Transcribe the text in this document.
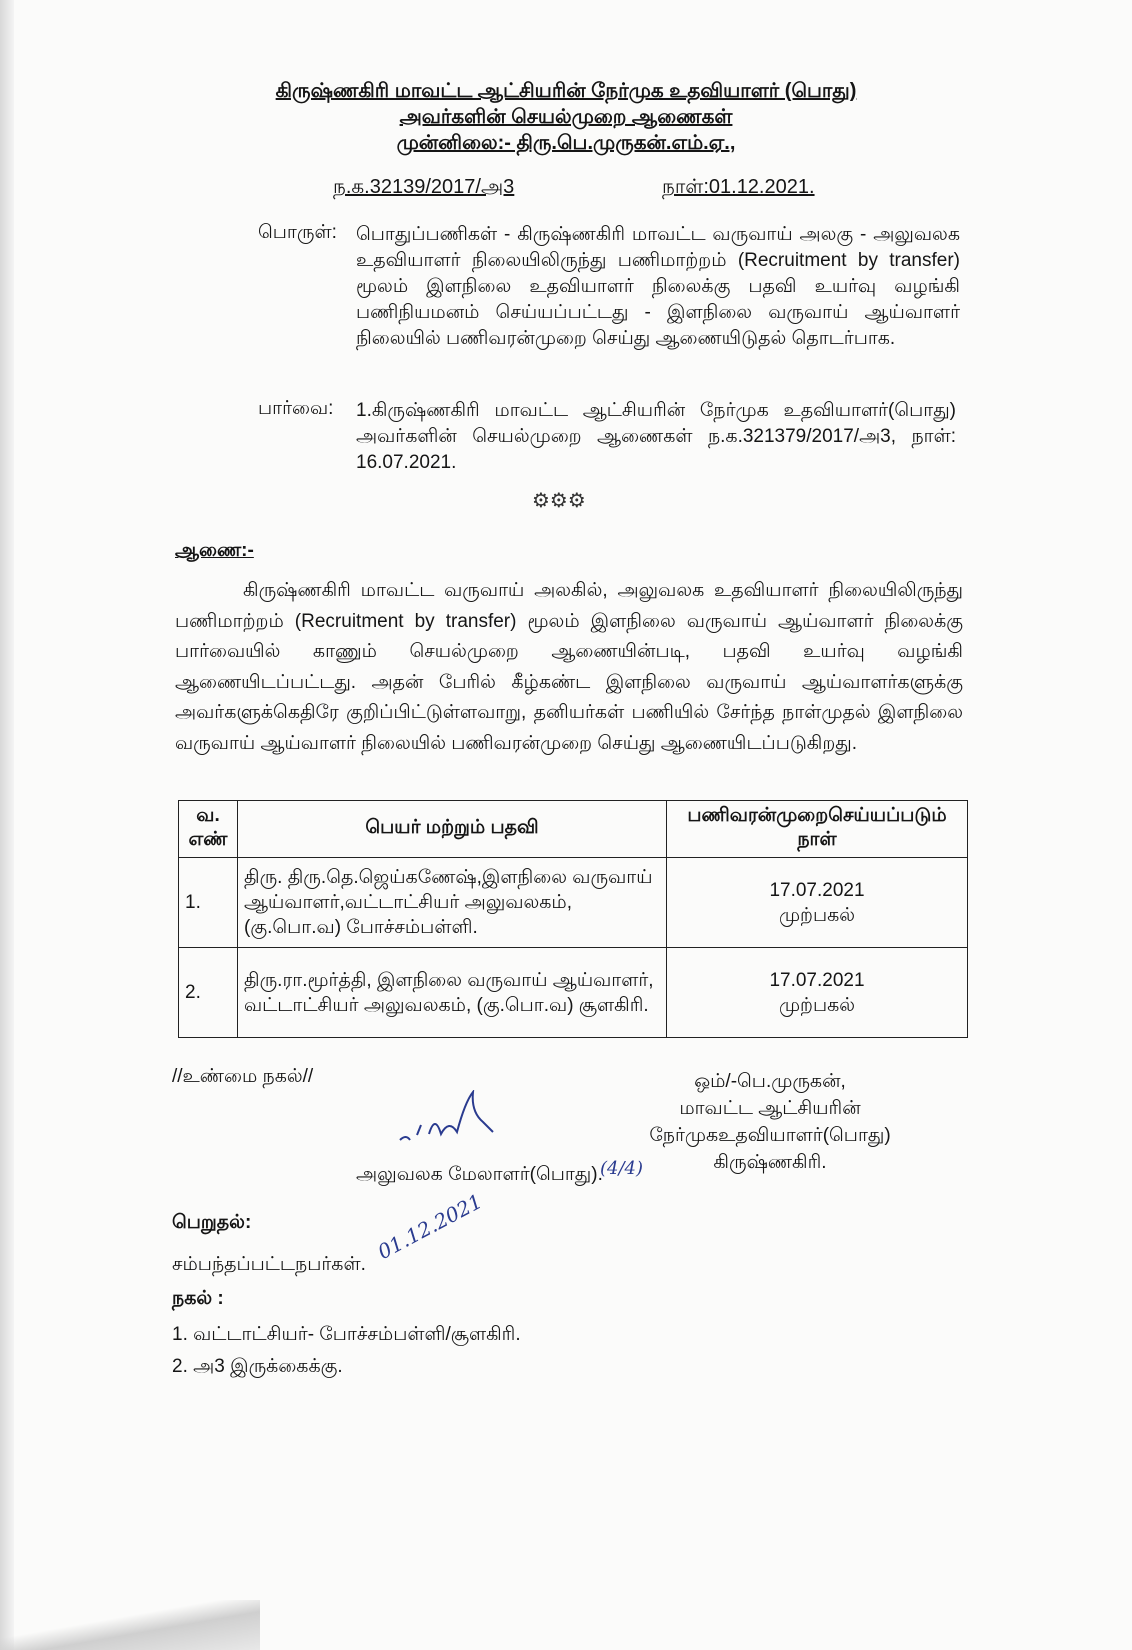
கிருஷ்ணகிரி மாவட்ட ஆட்சியரின் நேர்முக உதவியாளர் (பொது)
அவர்களின் செயல்முறை ஆணைகள்
முன்னிலை:- திரு.பெ.முருகன்.எம்.ஏ.,
ந.க.32139/2017/அ3	நாள்:01.12.2021.
பொருள்: பொதுப்பணிகள் - கிருஷ்ணகிரி மாவட்ட வருவாய் அலகு - அலுவலக உதவியாளர் நிலையிலிருந்து பணிமாற்றம் (Recruitment by transfer) மூலம் இளநிலை உதவியாளர் நிலைக்கு பதவி உயர்வு வழங்கி பணிநியமனம் செய்யப்பட்டது - இளநிலை வருவாய் ஆய்வாளர் நிலையில் பணிவரன்முறை செய்து ஆணையிடுதல் தொடர்பாக.
பார்வை: 1.கிருஷ்ணகிரி மாவட்ட ஆட்சியரின் நேர்முக உதவியாளர்(பொது) அவர்களின் செயல்முறை ஆணைகள் ந.க.321379/2017/அ3, நாள்: 16.07.2021.
⚙⚙⚙
ஆணை:-
கிருஷ்ணகிரி மாவட்ட வருவாய் அலகில், அலுவலக உதவியாளர் நிலையிலிருந்து பணிமாற்றம் (Recruitment by transfer) மூலம் இளநிலை வருவாய் ஆய்வாளர் நிலைக்கு பார்வையில் காணும் செயல்முறை ஆணையின்படி, பதவி உயர்வு வழங்கி ஆணையிடப்பட்டது. அதன் பேரில் கீழ்கண்ட இளநிலை வருவாய் ஆய்வாளர்களுக்கு அவர்களுக்கெதிரே குறிப்பிட்டுள்ளவாறு, தனியர்கள் பணியில் சேர்ந்த நாள்முதல் இளநிலை வருவாய் ஆய்வாளர் நிலையில் பணிவரன்முறை செய்து ஆணையிடப்படுகிறது.
வ. எண்	பெயர் மற்றும் பதவி	பணிவரன்முறைசெய்யப்படும் நாள்
1.	திரு. திரு.தெ.ஜெய்கணேஷ்,இளநிலை வருவாய் ஆய்வாளர்,வட்டாட்சியர் அலுவலகம், (கு.பொ.வ) போச்சம்பள்ளி.	17.07.2021
முற்பகல்

2.	திரு.ரா.மூர்த்தி, இளநிலை வருவாய் ஆய்வாளர், வட்டாட்சியர் அலுவலகம், (கு.பொ.வ) சூளகிரி.	17.07.2021
முற்பகல்
//உண்மை நகல்//	ஒம்/-பெ.முருகன்,
மாவட்ட ஆட்சியரின்
நேர்முகஉதவியாளர்(பொது)
கிருஷ்ணகிரி.
அலுவலக மேலாளர்(பொது).
(4/4)
பெறுதல்:
சம்பந்தப்பட்டநபர்கள்.
01.12.2021
நகல் :
1. வட்டாட்சியர்- போச்சம்பள்ளி/சூளகிரி.
2. அ3 இருக்கைக்கு.
